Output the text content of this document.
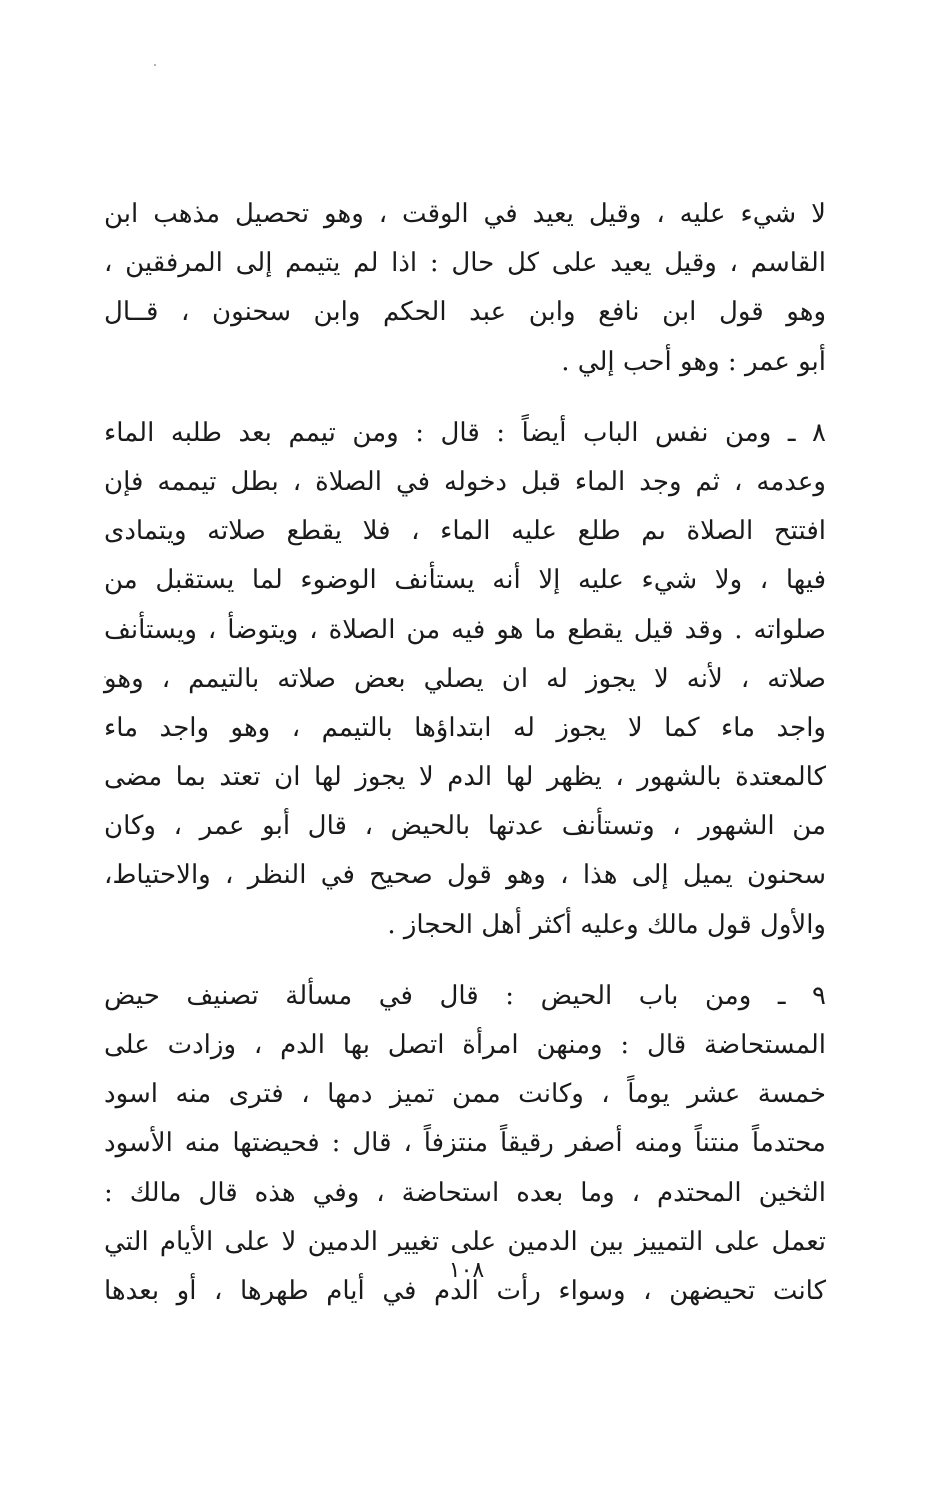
لا شيء عليه ، وقيل يعيد في الوقت ، وهو تحصيل مذهب ابن
القاسم ، وقيل يعيد على كل حال : اذا لم يتيمم إلى المرفقين ،
وهو قول ابن نافع وابن عبد الحكم وابن سحنون ، قــال
أبو عمر : وهو أحب إلي .
٨ ـ ومن نفس الباب أيضاً : قال : ومن تيمم بعد طلبه الماء
وعدمه ، ثم وجد الماء قبل دخوله في الصلاة ، بطل تيممه فإن
افتتح الصلاة ىم طلع عليه الماء ، فلا يقطع صلاته ويتمادى
فيها ، ولا شيء عليه إلا أنه يستأنف الوضوء لما يستقبل من
صلواته . وقد قيل يقطع ما هو فيه من الصلاة ، ويتوضأ ، ويستأنف
صلاته ، لأنه لا يجوز له ان يصلي بعض صلاته بالتيمم ، وهو
واجد ماء كما لا يجوز له ابتداؤها بالتيمم ، وهو واجد ماء
كالمعتدة بالشهور ، يظهر لها الدم لا يجوز لها ان تعتد بما مضى
من الشهور ، وتستأنف عدتها بالحيض ، قال أبو عمر ، وكان
سحنون يميل إلى هذا ، وهو قول صحيح في النظر ، والاحتياط،
والأول قول مالك وعليه أكثر أهل الحجاز .
٩ ـ ومن باب الحيض : قال في مسألة تصنيف حيض
المستحاضة قال : ومنهن امرأة اتصل بها الدم ، وزادت على
خمسة عشر يوماً ، وكانت ممن تميز دمها ، فترى منه اسود
محتدماً منتناً ومنه أصفر رقيقاً منتزفاً ، قال : فحيضتها منه الأسود
الثخين المحتدم ، وما بعده استحاضة ، وفي هذه قال مالك :
تعمل على التمييز بين الدمين على تغيير الدمين لا على الأيام التي
كانت تحيضهن ، وسواء رأت الدم في أيام طهرها ، أو بعدها
١٠٨
